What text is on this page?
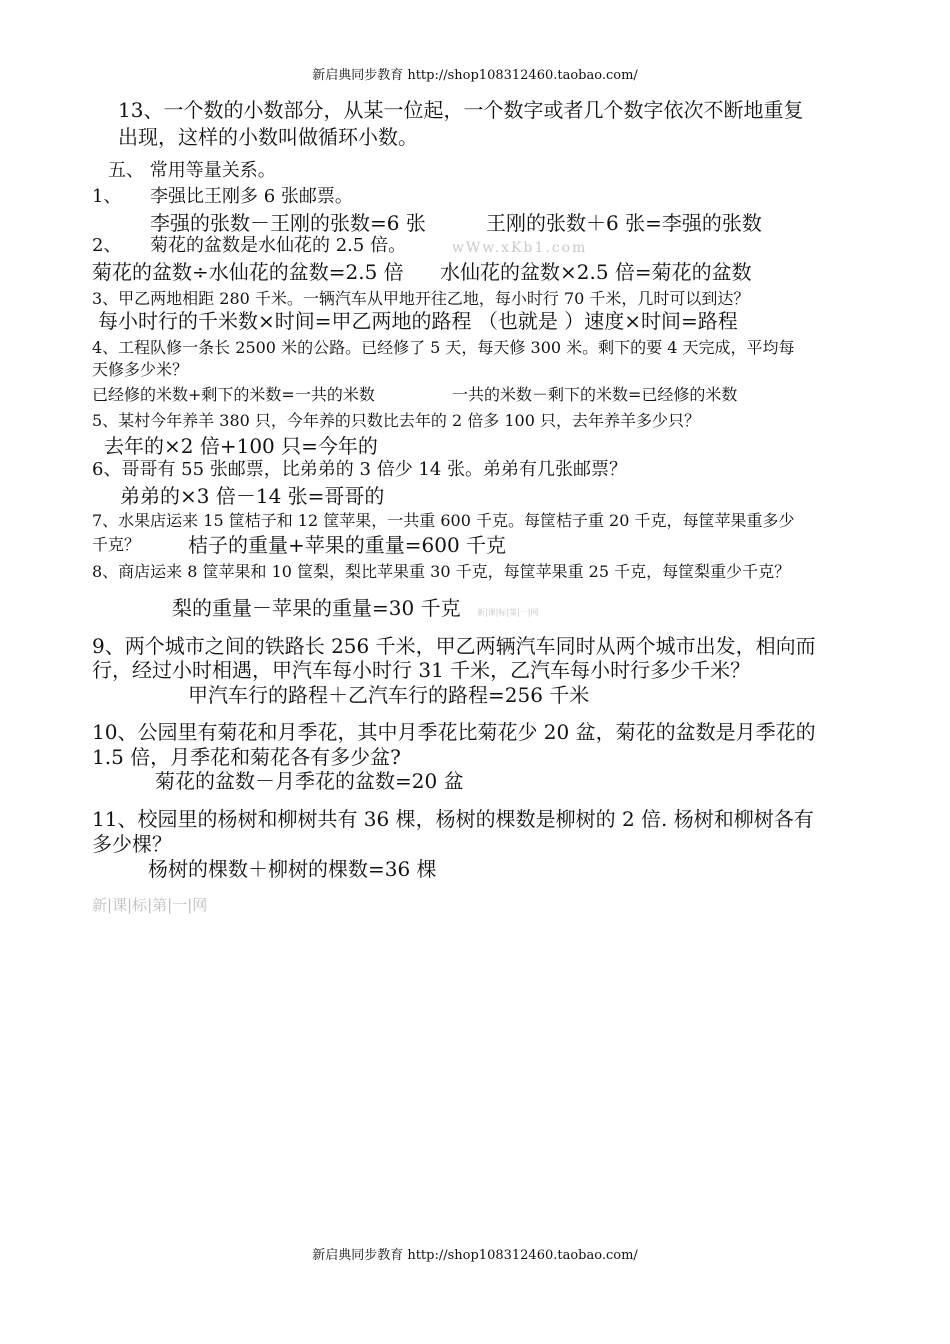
新启典同步教育 http://shop108312460.taobao.com/
13、一个数的小数部分，从某一位起，一个数字或者几个数字依次不断地重复
出现，这样的小数叫做循环小数。
五、 常用等量关系。
1、 李强比王刚多 6 张邮票。
李强的张数－王刚的张数=6 张	王刚的张数＋6 张=李强的张数
2、 菊花的盆数是水仙花的 2.5 倍。	wWw.xKb1.com
菊花的盆数÷水仙花的盆数=2.5 倍 水仙花的盆数×2.5 倍=菊花的盆数
3、甲乙两地相距 280 千米。一辆汽车从甲地开往乙地，每小时行 70 千米，几时可以到达？
每小时行的千米数×时间=甲乙两地的路程 （也就是 ）速度×时间=路程
4、工程队修一条长 2500 米的公路。已经修了 5 天，每天修 300 米。剩下的要 4 天完成，平均每
天修多少米？
已经修的米数+剩下的米数=一共的米数	一共的米数－剩下的米数=已经修的米数
5、某村今年养羊 380 只，今年养的只数比去年的 2 倍多 100 只，去年养羊多少只？
去年的×2 倍+100 只=今年的
6、哥哥有 55 张邮票，比弟弟的 3 倍少 14 张。弟弟有几张邮票？
弟弟的×3 倍－14 张=哥哥的
7、水果店运来 15 筐桔子和 12 筐苹果，一共重 600 千克。每筐桔子重 20 千克，每筐苹果重多少
千克？ 桔子的重量+苹果的重量=600 千克
8、商店运来 8 筐苹果和 10 筐梨，梨比苹果重 30 千克，每筐苹果重 25 千克，每筐梨重少千克？
梨的重量－苹果的重量=30 千克 新|课|标|第|一|网
9、两个城市之间的铁路长 256 千米，甲乙两辆汽车同时从两个城市出发，相向而
行，经过小时相遇，甲汽车每小时行 31 千米，乙汽车每小时行多少千米？
甲汽车行的路程＋乙汽车行的路程=256 千米
10、公园里有菊花和月季花，其中月季花比菊花少 20 盆，菊花的盆数是月季花的
1.5 倍，月季花和菊花各有多少盆?
菊花的盆数－月季花的盆数=20 盆
11、校园里的杨树和柳树共有 36 棵，杨树的棵数是柳树的 2 倍. 杨树和柳树各有
多少棵？
杨树的棵数＋柳树的棵数=36 棵
新|课|标|第|一|网
新启典同步教育 http://shop108312460.taobao.com/
